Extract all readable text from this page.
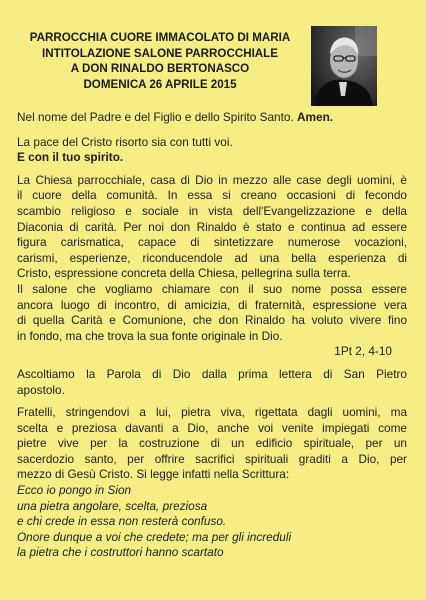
PARROCCHIA CUORE IMMACOLATO DI MARIA
INTITOLAZIONE SALONE PARROCCHIALE
A DON RINALDO BERTONASCO
DOMENICA 26 APRILE 2015

Nel nome del Padre e del Figlio e dello Spirito Santo. Amen.

La pace del Cristo risorto sia con tutti voi.

E con il tuo spirito.

La Chiesa parrocchiale, casa di Dio in mezzo alle case degli uomini, è
il cuore della comunità. In essa si creano occasioni di fecondo
scambio religioso e sociale in vista dell'Evangelizzazione e della
Diaconia di carità. Per noi don Rinaldo è stato e continua ad essere
figura carismatica, capace di sintetizzare numerose vocazioni,
carismi, esperienze, riconducendole ad una bella esperienza di
Cristo, espressione concreta della Chiesa, pellegrina sulla terra.
Il salone che vogliamo chiamare con il suo nome possa essere
ancora luogo di incontro, di amicizia, di fraternità, espressione vera
di quella Carità e Comunione, che don Rinaldo ha voluto vivere fino
in fondo, ma che trova la sua fonte originale in Dio.

1Pt 2, 4-10

Ascoltiamo la Parola di Dio dalla prima lettera di San Pietro
apostolo.
Fratelli, stringendovi a lui, pietra viva, rigettata dagli uomini, ma
scelta e preziosa davanti a Dio, anche voi venite impiegati come
pietre vive per la costruzione di un edificio spirituale, per un
sacerdozio santo, per offrire sacrifici spirituali graditi a Dio, per
mezzo di Gesù Cristo. Si legge infatti nella Scrittura:
Ecco io pongo in Sion
una pietra angolare, scelta, preziosa
e chi crede in essa non resterà confuso.
Onore dunque a voi che credete; ma per gli increduli
la pietra che i costruttori hanno scartato
